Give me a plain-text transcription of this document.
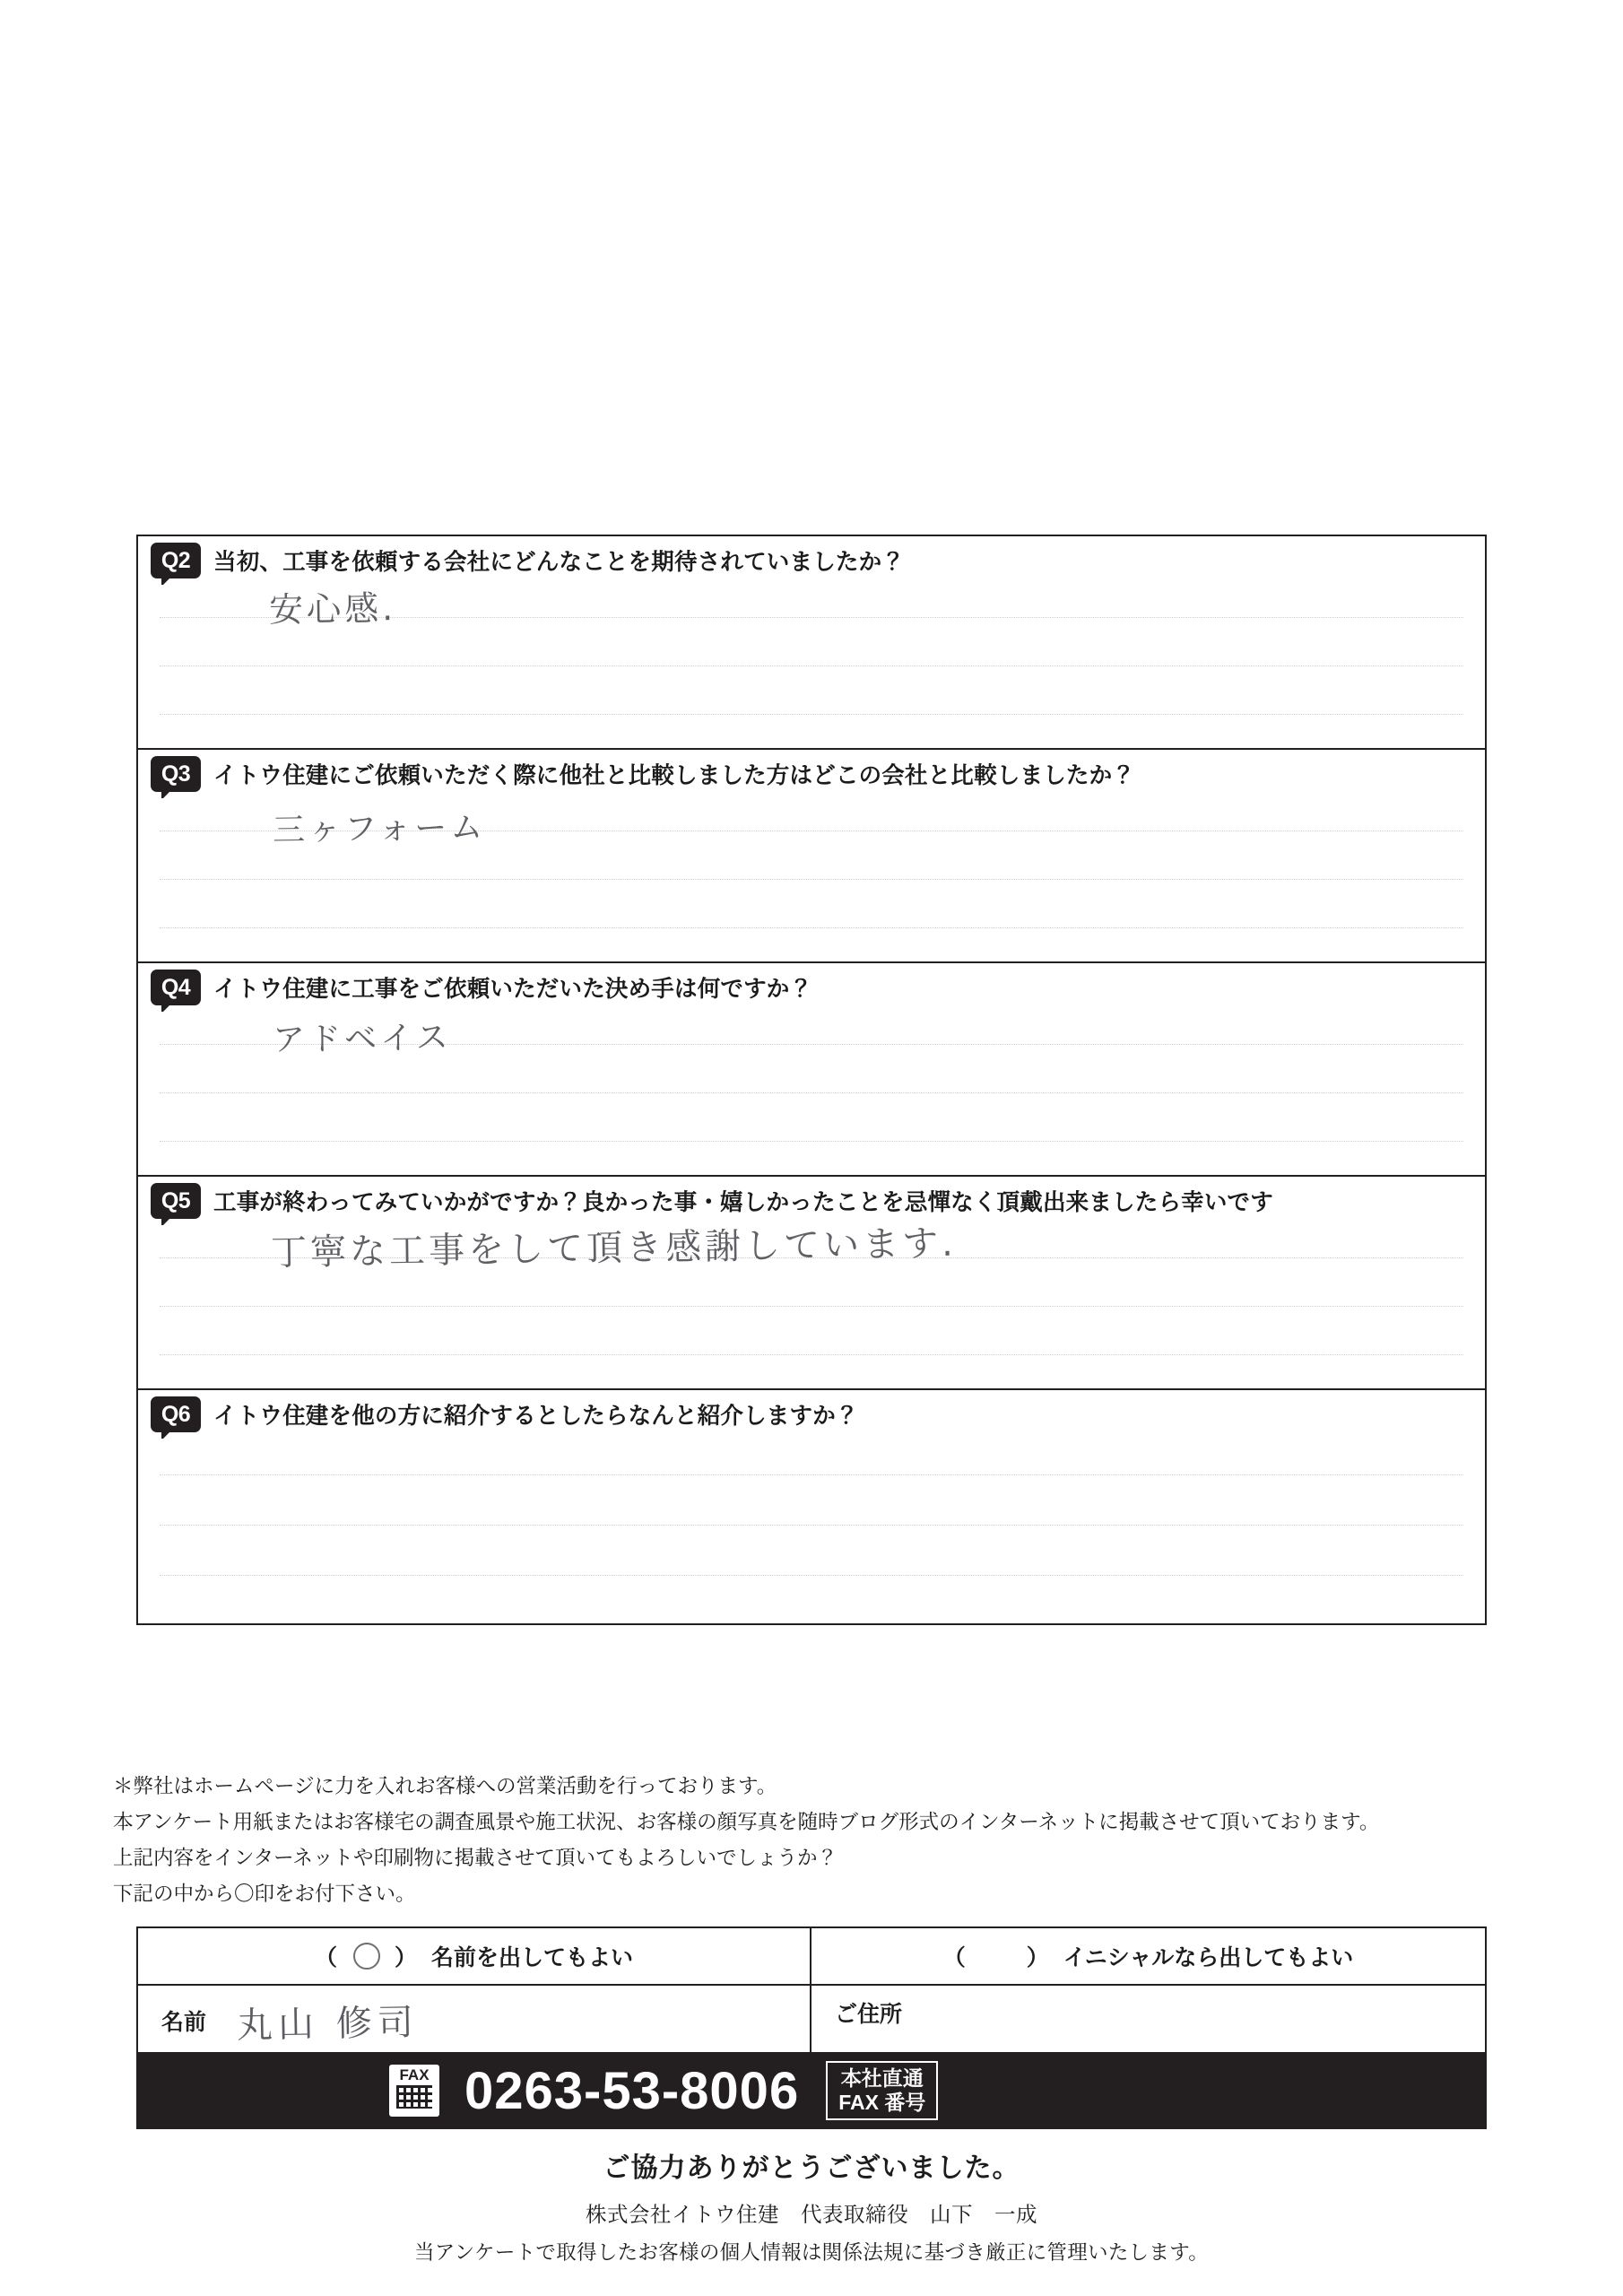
Q2	当初、工事を依頼する会社にどんなことを期待されていましたか？
安心感.
Q3	イトウ住建にご依頼いただく際に他社と比較しました方はどこの会社と比較しましたか？
三ヶフォーム
Q4	イトウ住建に工事をご依頼いただいた決め手は何ですか？
アドベイス
Q5	工事が終わってみていかがですか？良かった事・嬉しかったことを忌憚なく頂戴出来ましたら幸いです
丁寧な工事をして頂き感謝しています.
Q6	イトウ住建を他の方に紹介するとしたらなんと紹介しますか？
＊弊社はホームページに力を入れお客様への営業活動を行っております。
本アンケート用紙またはお客様宅の調査風景や施工状況、お客様の顔写真を随時ブログ形式のインターネットに掲載させて頂いております。
上記内容をインターネットや印刷物に掲載させて頂いてもよろしいでしょうか？
下記の中から〇印をお付下さい。
（ ○ ） 名前 を出してもよい	（	） イニシャル なら出してもよい
名前 丸山 修司	ご住所
FAX 0263-53-8006 本社直通
FAX 番号
ご協力ありがとうございました。
株式会社イトウ住建　代表取締役　山下　一成
当アンケートで取得したお客様の個人情報は関係法規に基づき厳正に管理いたします。
